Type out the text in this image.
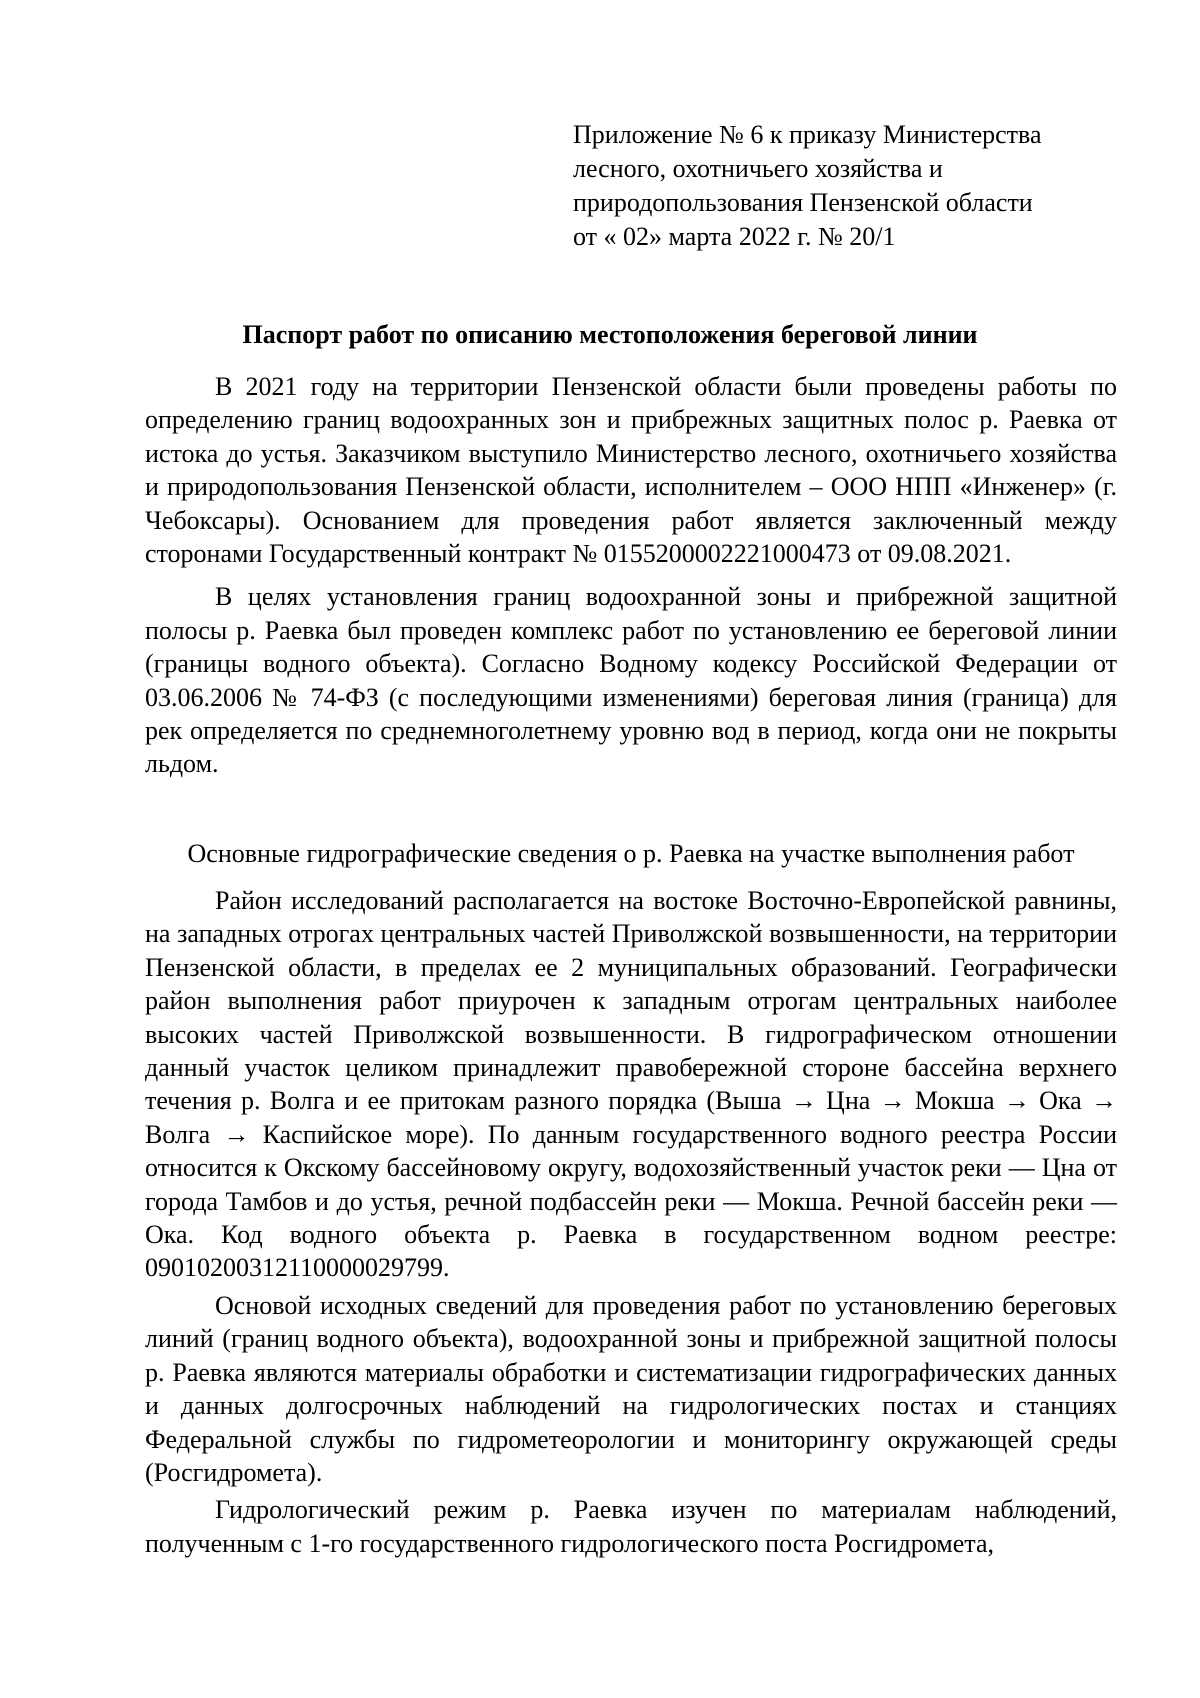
Приложение № 6 к приказу Министерства
лесного, охотничьего хозяйства и
природопользования Пензенской области
от « 02» марта 2022 г. № 20/1
Паспорт работ по описанию местоположения береговой линии

В 2021 году на территории Пензенской области были проведены работы по определению границ водоохранных зон и прибрежных защитных полос р. Раевка от истока до устья. Заказчиком выступило Министерство лесного, охотничьего хозяйства и природопользования Пензенской области, исполнителем – ООО НПП «Инженер» (г. Чебоксары). Основанием для проведения работ является заключенный между сторонами Государственный контракт № 0155200002221000473 от 09.08.2021.

В целях установления границ водоохранной зоны и прибрежной защитной полосы р. Раевка был проведен комплекс работ по установлению ее береговой линии (границы водного объекта). Согласно Водному кодексу Российской Федерации от 03.06.2006 № 74-ФЗ (с последующими изменениями) береговая линия (граница) для рек определяется по среднемноголетнему уровню вод в период, когда они не покрыты льдом.

Основные гидрографические сведения о р. Раевка на участке выполнения работ

Район исследований располагается на востоке Восточно-Европейской равнины, на западных отрогах центральных частей Приволжской возвышенности, на территории Пензенской области, в пределах ее 2 муниципальных образований. Географически район выполнения работ приурочен к западным отрогам центральных наиболее высоких частей Приволжской возвышенности. В гидрографическом отношении данный участок целиком принадлежит правобережной стороне бассейна верхнего течения р. Волга и ее притокам разного порядка (Выша → Цна → Мокша → Ока → Волга → Каспийское море). По данным государственного водного реестра России относится к Окскому бассейновому округу, водохозяйственный участок реки — Цна от города Тамбов и до устья, речной подбассейн реки — Мокша. Речной бассейн реки — Ока. Код водного объекта р. Раевка в государственном водном реестре: 09010200312110000029799.

Основой исходных сведений для проведения работ по установлению береговых линий (границ водного объекта), водоохранной зоны и прибрежной защитной полосы р. Раевка являются материалы обработки и систематизации гидрографических данных и данных долгосрочных наблюдений на гидрологических постах и станциях Федеральной службы по гидрометеорологии и мониторингу окружающей среды (Росгидромета).

Гидрологический режим р. Раевка изучен по материалам наблюдений, полученным с 1-го государственного гидрологического поста Росгидромета,
